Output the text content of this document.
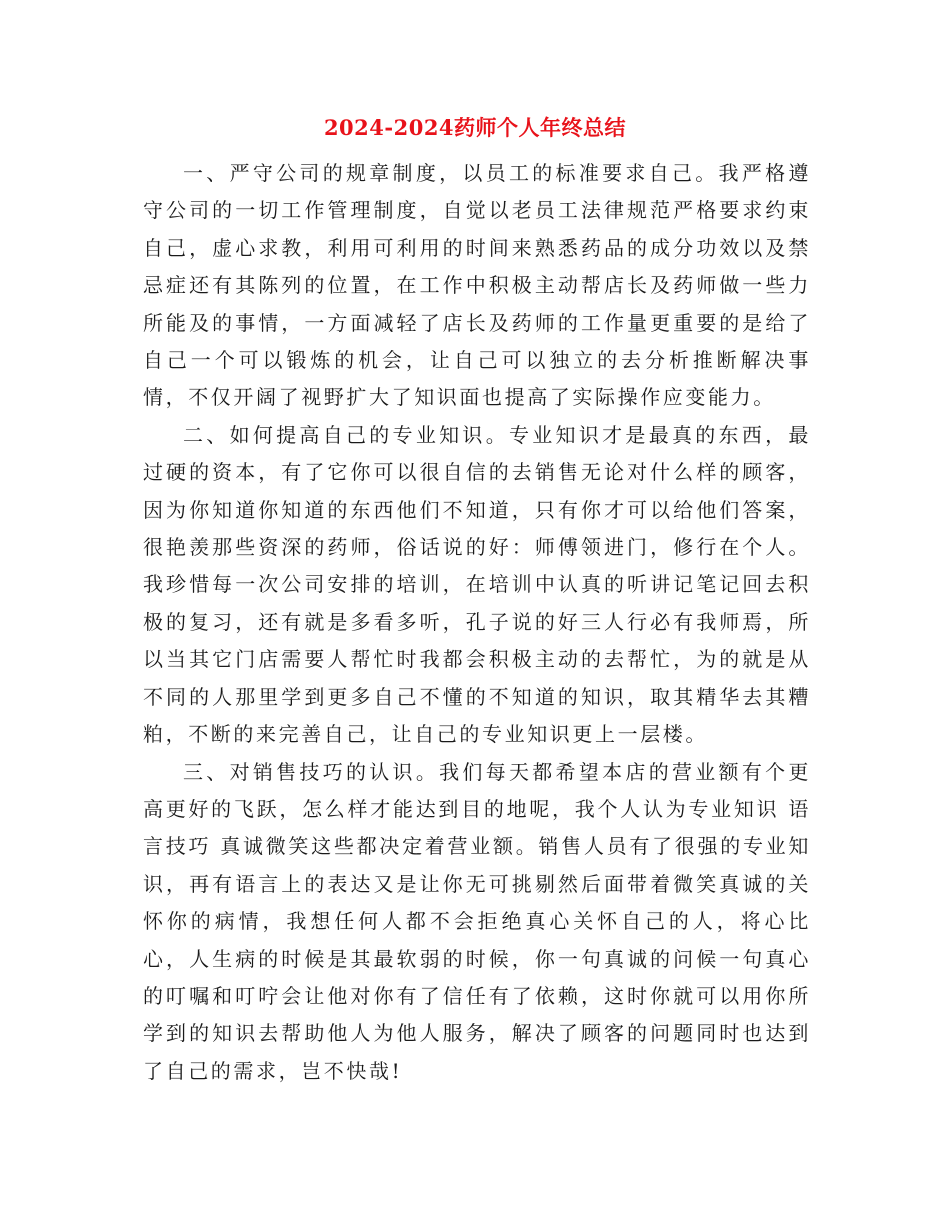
2024-2024药师个人年终总结

一、严守公司的规章制度，以员工的标准要求自己。我严格遵守公司的一切工作管理制度，自觉以老员工法律规范严格要求约束自己，虚心求教，利用可利用的时间来熟悉药品的成分功效以及禁忌症还有其陈列的位置，在工作中积极主动帮店长及药师做一些力所能及的事情，一方面减轻了店长及药师的工作量更重要的是给了自己一个可以锻炼的机会，让自己可以独立的去分析推断解决事情，不仅开阔了视野扩大了知识面也提高了实际操作应变能力。

二、如何提高自己的专业知识。专业知识才是最真的东西，最过硬的资本，有了它你可以很自信的去销售无论对什么样的顾客，因为你知道你知道的东西他们不知道，只有你才可以给他们答案，很艳羡那些资深的药师，俗话说的好：师傅领进门，修行在个人。我珍惜每一次公司安排的培训，在培训中认真的听讲记笔记回去积极的复习，还有就是多看多听，孔子说的好三人行必有我师焉，所以当其它门店需要人帮忙时我都会积极主动的去帮忙，为的就是从不同的人那里学到更多自己不懂的不知道的知识，取其精华去其糟粕，不断的来完善自己，让自己的专业知识更上一层楼。

三、对销售技巧的认识。我们每天都希望本店的营业额有个更高更好的飞跃，怎么样才能达到目的地呢，我个人认为专业知识 语言技巧 真诚微笑这些都决定着营业额。销售人员有了很强的专业知识，再有语言上的表达又是让你无可挑剔然后面带着微笑真诚的关怀你的病情，我想任何人都不会拒绝真心关怀自己的人，将心比心，人生病的时候是其最软弱的时候，你一句真诚的问候一句真心的叮嘱和叮咛会让他对你有了信任有了依赖，这时你就可以用你所学到的知识去帮助他人为他人服务，解决了顾客的问题同时也达到了自己的需求，岂不快哉!
